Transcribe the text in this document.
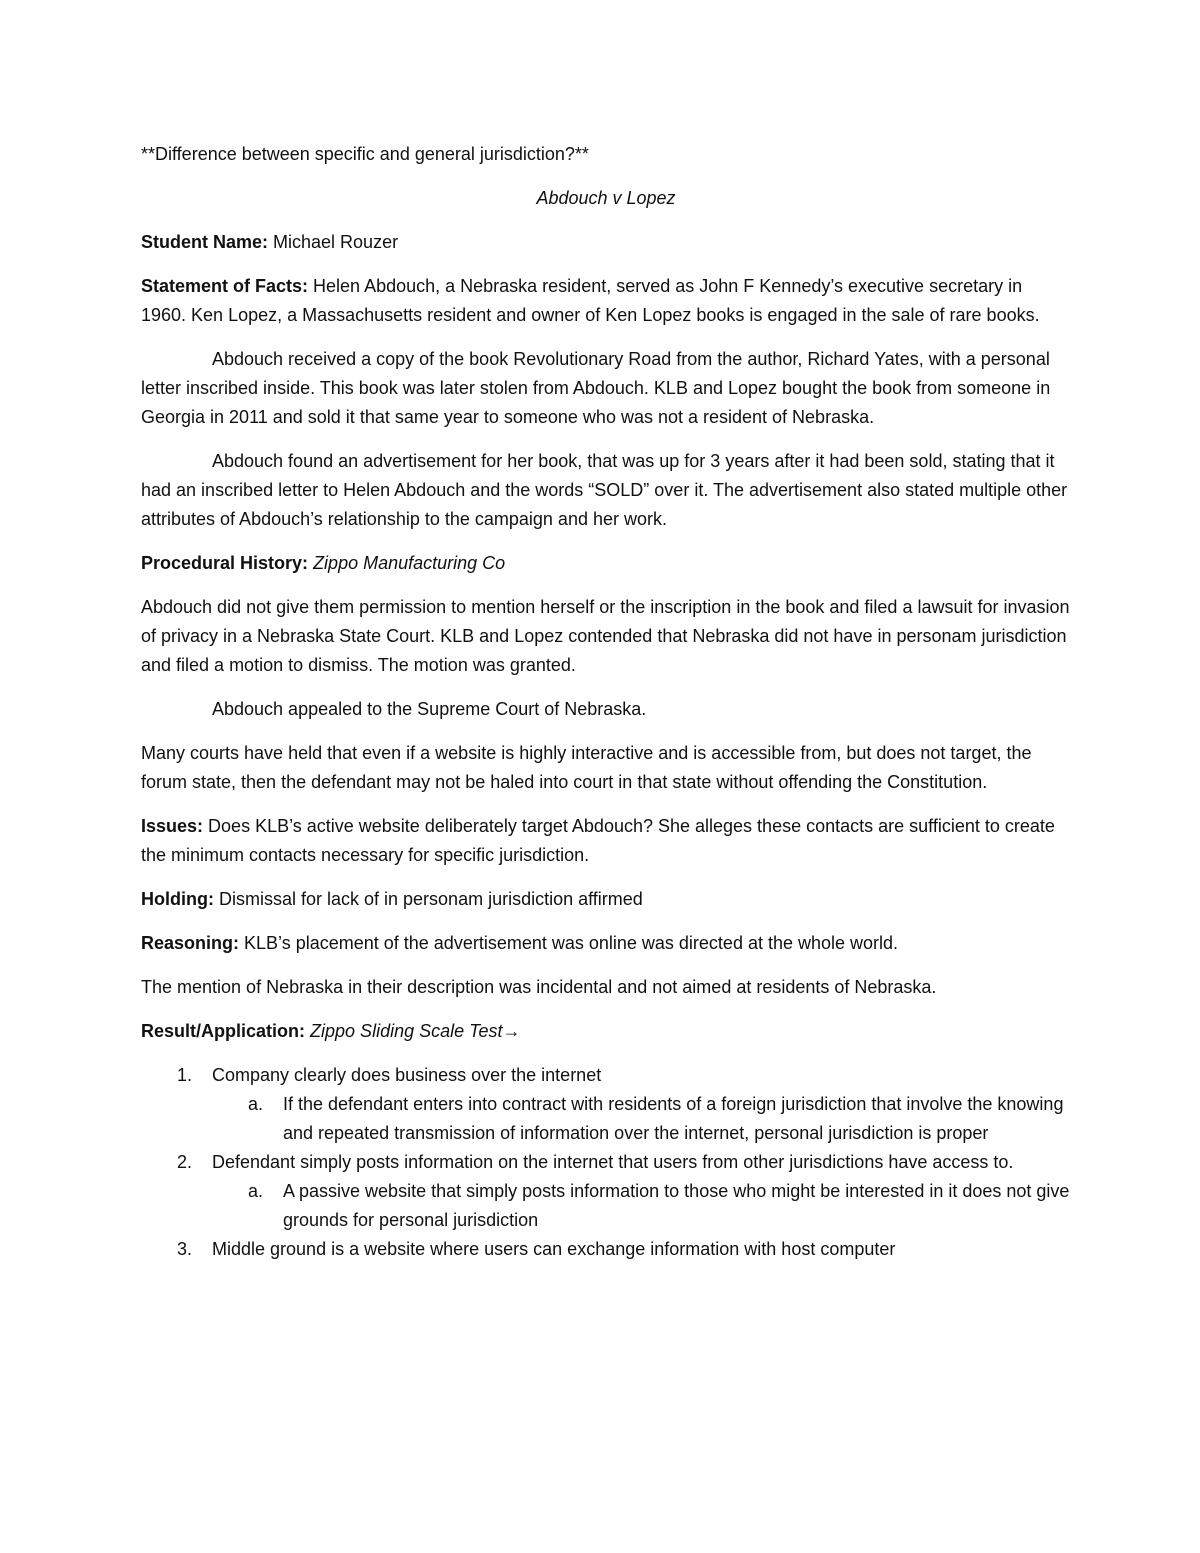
**Difference between specific and general jurisdiction?**

Abdouch v Lopez

Student Name: Michael Rouzer

Statement of Facts: Helen Abdouch, a Nebraska resident, served as John F Kennedy’s executive secretary in 1960. Ken Lopez, a Massachusetts resident and owner of Ken Lopez books is engaged in the sale of rare books.

Abdouch received a copy of the book Revolutionary Road from the author, Richard Yates, with a personal letter inscribed inside. This book was later stolen from Abdouch. KLB and Lopez bought the book from someone in Georgia in 2011 and sold it that same year to someone who was not a resident of Nebraska.

Abdouch found an advertisement for her book, that was up for 3 years after it had been sold, stating that it had an inscribed letter to Helen Abdouch and the words “SOLD” over it. The advertisement also stated multiple other attributes of Abdouch’s relationship to the campaign and her work.

Procedural History: Zippo Manufacturing Co

Abdouch did not give them permission to mention herself or the inscription in the book and filed a lawsuit for invasion of privacy in a Nebraska State Court. KLB and Lopez contended that Nebraska did not have in personam jurisdiction and filed a motion to dismiss. The motion was granted.

Abdouch appealed to the Supreme Court of Nebraska.

Many courts have held that even if a website is highly interactive and is accessible from, but does not target, the forum state, then the defendant may not be haled into court in that state without offending the Constitution.

Issues: Does KLB’s active website deliberately target Abdouch? She alleges these contacts are sufficient to create the minimum contacts necessary for specific jurisdiction.

Holding: Dismissal for lack of in personam jurisdiction affirmed

Reasoning: KLB’s placement of the advertisement was online was directed at the whole world.

The mention of Nebraska in their description was incidental and not aimed at residents of Nebraska.

Result/Application: Zippo Sliding Scale Test→

1. Company clearly does business over the internet
a. If the defendant enters into contract with residents of a foreign jurisdiction that involve the knowing and repeated transmission of information over the internet, personal jurisdiction is proper
2. Defendant simply posts information on the internet that users from other jurisdictions have access to.
a. A passive website that simply posts information to those who might be interested in it does not give grounds for personal jurisdiction
3. Middle ground is a website where users can exchange information with host computer
